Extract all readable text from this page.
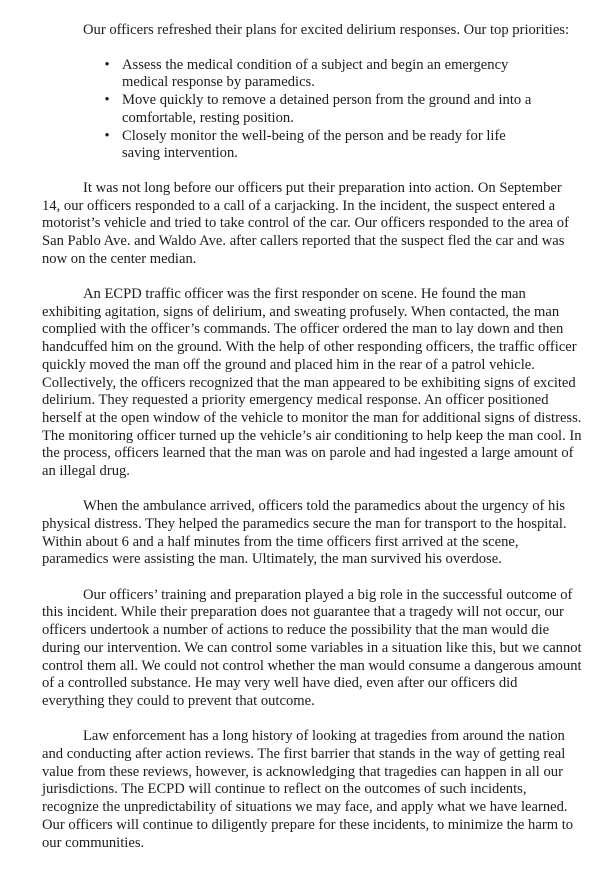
Our officers refreshed their plans for excited delirium responses. Our top priorities:

• Assess the medical condition of a subject and begin an emergency medical response by paramedics.
• Move quickly to remove a detained person from the ground and into a comfortable, resting position.
• Closely monitor the well-being of the person and be ready for life saving intervention.

It was not long before our officers put their preparation into action. On September 14, our officers responded to a call of a carjacking. In the incident, the suspect entered a motorist’s vehicle and tried to take control of the car. Our officers responded to the area of San Pablo Ave. and Waldo Ave. after callers reported that the suspect fled the car and was now on the center median.

An ECPD traffic officer was the first responder on scene. He found the man exhibiting agitation, signs of delirium, and sweating profusely. When contacted, the man complied with the officer’s commands. The officer ordered the man to lay down and then handcuffed him on the ground. With the help of other responding officers, the traffic officer quickly moved the man off the ground and placed him in the rear of a patrol vehicle. Collectively, the officers recognized that the man appeared to be exhibiting signs of excited delirium. They requested a priority emergency medical response. An officer positioned herself at the open window of the vehicle to monitor the man for additional signs of distress. The monitoring officer turned up the vehicle’s air conditioning to help keep the man cool. In the process, officers learned that the man was on parole and had ingested a large amount of an illegal drug.

When the ambulance arrived, officers told the paramedics about the urgency of his physical distress. They helped the paramedics secure the man for transport to the hospital. Within about 6 and a half minutes from the time officers first arrived at the scene, paramedics were assisting the man. Ultimately, the man survived his overdose.

Our officers’ training and preparation played a big role in the successful outcome of this incident. While their preparation does not guarantee that a tragedy will not occur, our officers undertook a number of actions to reduce the possibility that the man would die during our intervention. We can control some variables in a situation like this, but we cannot control them all. We could not control whether the man would consume a dangerous amount of a controlled substance. He may very well have died, even after our officers did everything they could to prevent that outcome.

Law enforcement has a long history of looking at tragedies from around the nation and conducting after action reviews. The first barrier that stands in the way of getting real value from these reviews, however, is acknowledging that tragedies can happen in all our jurisdictions. The ECPD will continue to reflect on the outcomes of such incidents, recognize the unpredictability of situations we may face, and apply what we have learned. Our officers will continue to diligently prepare for these incidents, to minimize the harm to our communities.
